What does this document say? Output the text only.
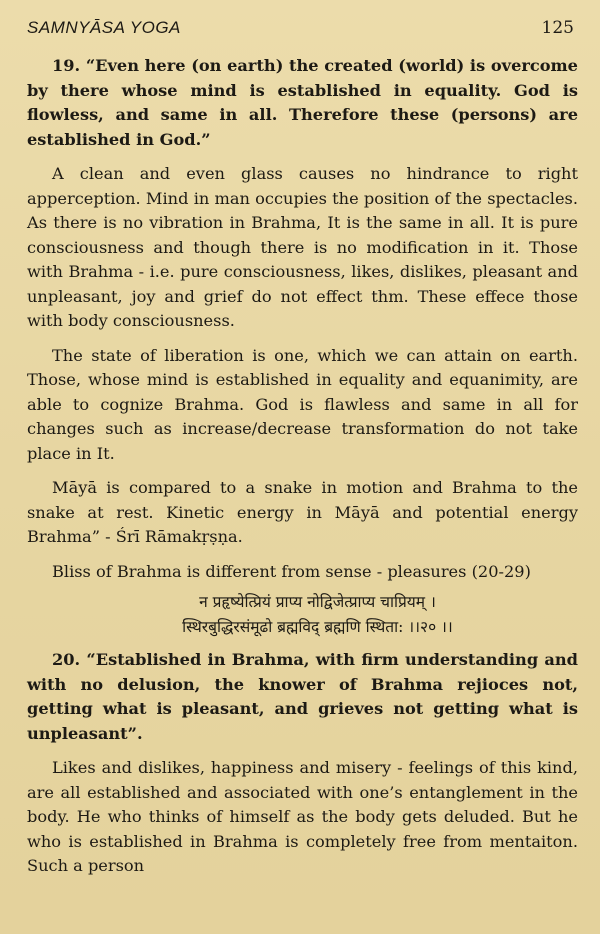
SAMNYĀSA YOGA	125

19. “Even here (on earth) the created (world) is overcome by there whose mind is established in equality. God is flowless, and same in all. Therefore these (persons) are established in God.”

A clean and even glass causes no hindrance to right apperception. Mind in man occupies the position of the spectacles. As there is no vibration in Brahma, It is the same in all. It is pure consciousness and though there is no modification in it. Those with Brahma - i.e. pure consciousness, likes, dislikes, pleasant and unpleasant, joy and grief do not effect thm. These effece those with body consciousness.

The state of liberation is one, which we can attain on earth. Those, whose mind is established in equality and equanimity, are able to cognize Brahma. God is flawless and same in all for changes such as increase/decrease transformation do not take place in It.

Māyā is compared to a snake in motion and Brahma to the snake at rest. Kinetic energy in Māyā and potential energy Brahma” - Śrī Rāmakṛṣṇa.

Bliss of Brahma is different from sense - pleasures (20-29)

न प्रहृष्येत्प्रियं प्राप्य नोद्विजेत्प्राप्य चाप्रियम् ।
स्थिरबुद्धिरसंमूढो ब्रह्मविद् ब्रह्मणि स्थिता: ।।२० ।।

20. “Established in Brahma, with firm understanding and with no delusion, the knower of Brahma rejioces not, getting what is pleasant, and grieves not getting what is unpleasant”.

Likes and dislikes, happiness and misery - feelings of this kind, are all established and associated with one’s entanglement in the body. He who thinks of himself as the body gets deluded. But he who is established in Brahma is completely free from mentaiton. Such a person
